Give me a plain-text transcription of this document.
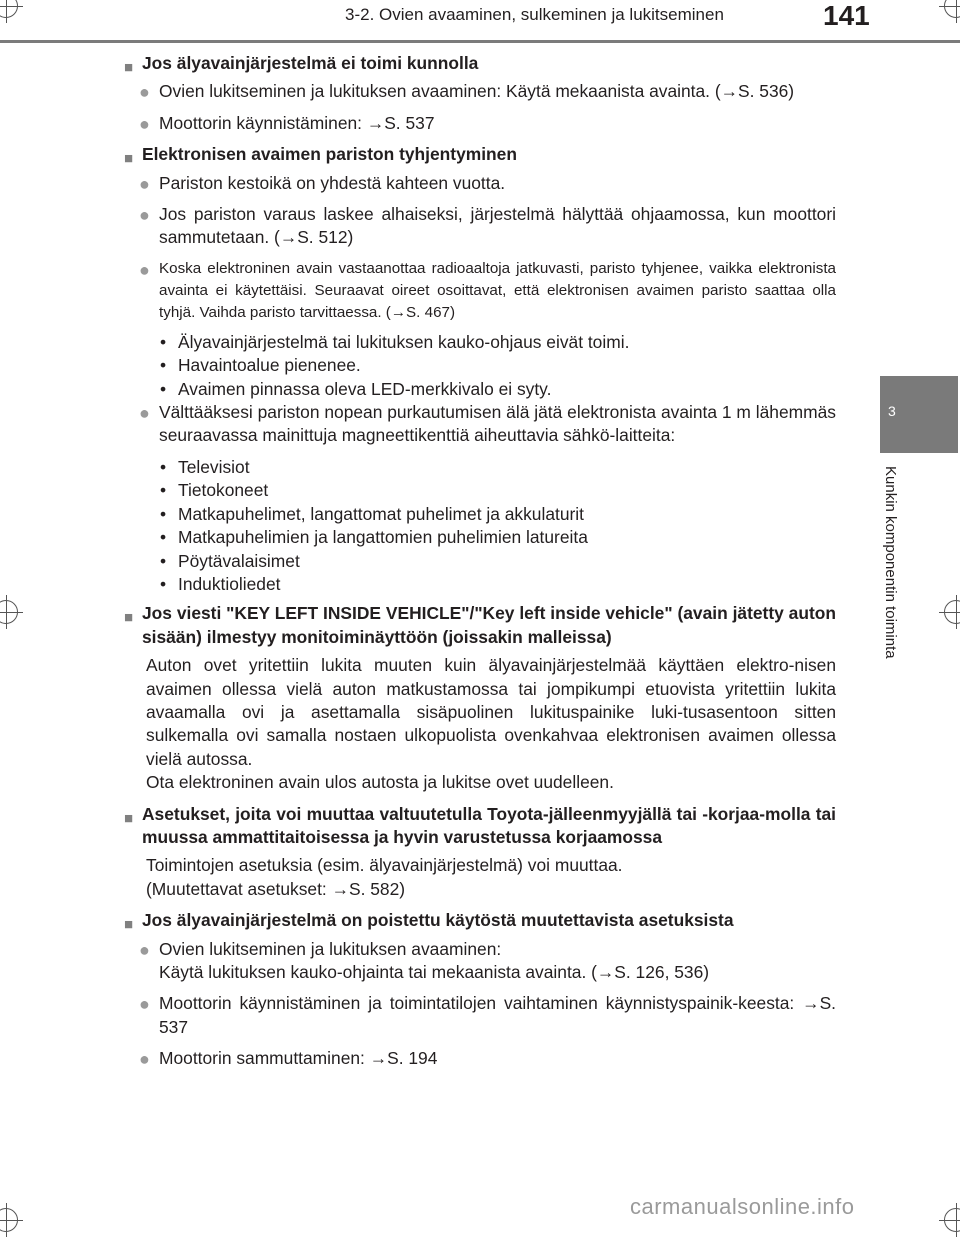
3-2. Ovien avaaminen, sulkeminen ja lukitseminen	141
3
Kunkin komponentin toiminta
■ Jos älyavainjärjestelmä ei toimi kunnolla
● Ovien lukitseminen ja lukituksen avaaminen: Käytä mekaanista avainta. (→S. 536)
● Moottorin käynnistäminen: →S. 537
■ Elektronisen avaimen pariston tyhjentyminen
● Pariston kestoikä on yhdestä kahteen vuotta.
● Jos pariston varaus laskee alhaiseksi, järjestelmä hälyttää ohjaamossa, kun moottori sammutetaan. (→S. 512)
● Koska elektroninen avain vastaanottaa radioaaltoja jatkuvasti, paristo tyhjenee, vaikka elektronista avainta ei käytettäisi. Seuraavat oireet osoittavat, että elektronisen avaimen paristo saattaa olla tyhjä. Vaihda paristo tarvittaessa. (→S. 467)
• Älyavainjärjestelmä tai lukituksen kauko-ohjaus eivät toimi.
• Havaintoalue pienenee.
• Avaimen pinnassa oleva LED-merkkivalo ei syty.
● Välttääksesi pariston nopean purkautumisen älä jätä elektronista avainta 1 m lähemmäs seuraavassa mainittuja magneettikenttiä aiheuttavia sähkö-laitteita:
• Televisiot
• Tietokoneet
• Matkapuhelimet, langattomat puhelimet ja akkulaturit
• Matkapuhelimien ja langattomien puhelimien latureita
• Pöytävalaisimet
• Induktioliedet
■ Jos viesti "KEY LEFT INSIDE VEHICLE"/"Key left inside vehicle" (avain jätetty auton sisään) ilmestyy monitoiminäyttöön (joissakin malleissa)
Auton ovet yritettiin lukita muuten kuin älyavainjärjestelmää käyttäen elektro-nisen avaimen ollessa vielä auton matkustamossa tai jompikumpi etuovista yritettiin lukita avaamalla ovi ja asettamalla sisäpuolinen lukituspainike luki-tusasentoon sitten sulkemalla ovi samalla nostaen ulkopuolista ovenkahvaa elektronisen avaimen ollessa vielä autossa.
Ota elektroninen avain ulos autosta ja lukitse ovet uudelleen.
■ Asetukset, joita voi muuttaa valtuutetulla Toyota-jälleenmyyjällä tai -korjaa-molla tai muussa ammattitaitoisessa ja hyvin varustetussa korjaamossa
Toimintojen asetuksia (esim. älyavainjärjestelmä) voi muuttaa.
(Muutettavat asetukset: →S. 582)
■ Jos älyavainjärjestelmä on poistettu käytöstä muutettavista asetuksista
● Ovien lukitseminen ja lukituksen avaaminen:
Käytä lukituksen kauko-ohjainta tai mekaanista avainta. (→S. 126, 536)
● Moottorin käynnistäminen ja toimintatilojen vaihtaminen käynnistyspainik-keesta: →S. 537
● Moottorin sammuttaminen: →S. 194
carmanualsonline.info
